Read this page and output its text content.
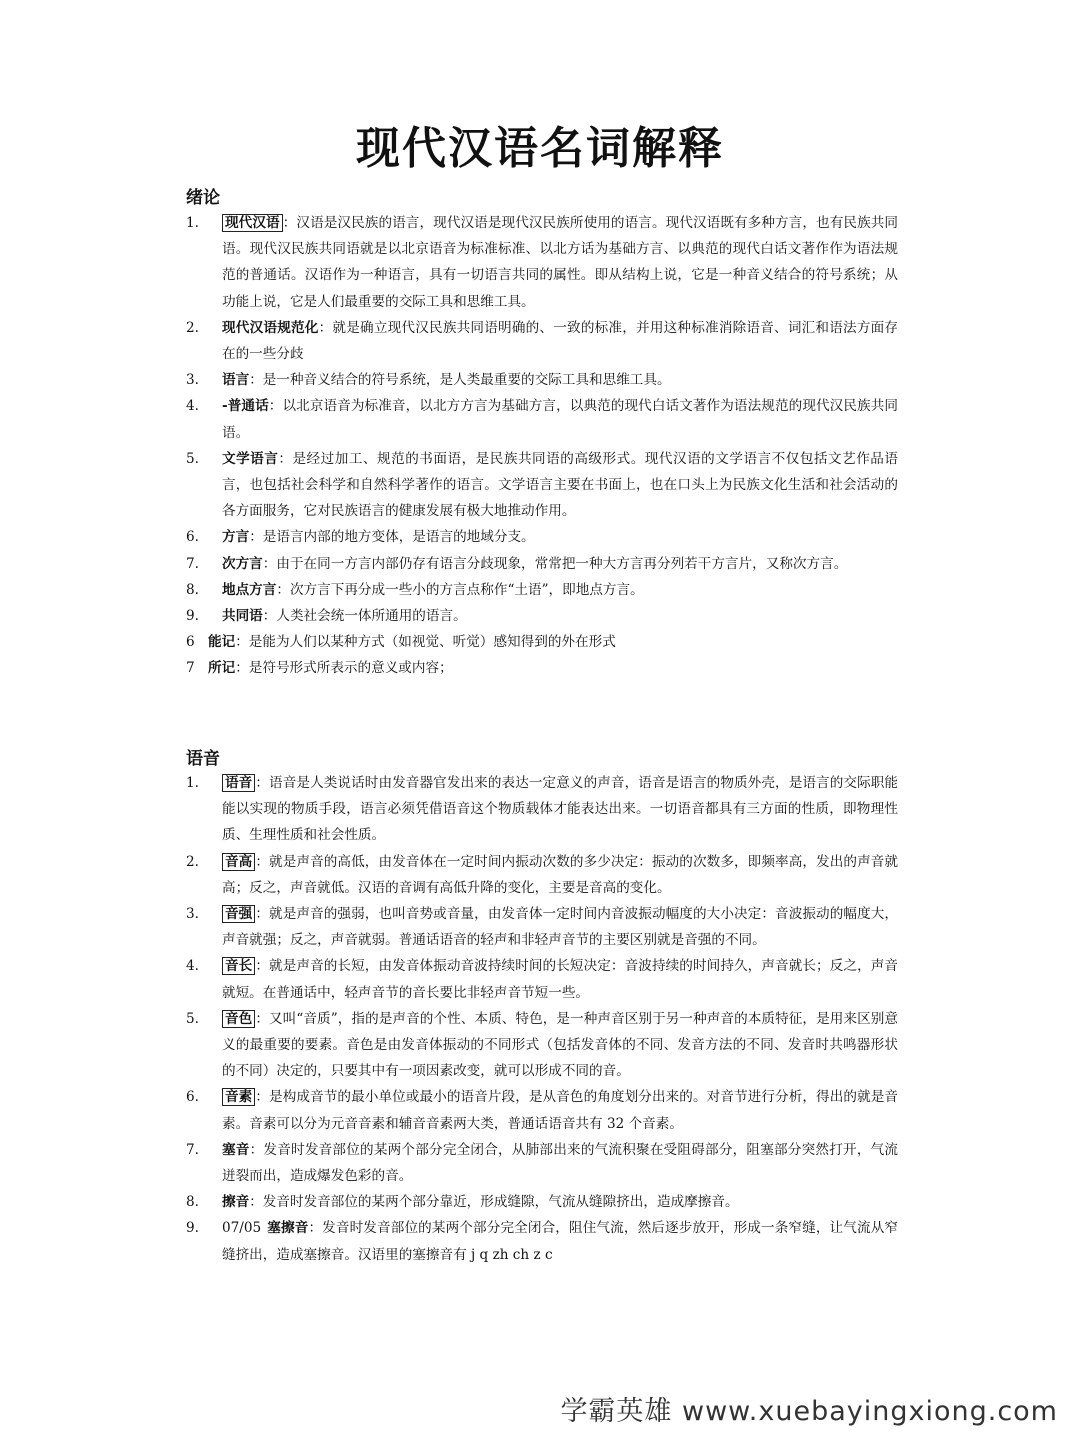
现代汉语名词解释
绪论
1.	现代汉语 ：汉语是汉民族的语言，现代汉语是现代汉民族所使用的语言。现代汉语既有多种方言，也有民族共同语。现代汉民族共同语就是以北京语音为标准标准、以北方话为基础方言、以典范的现代白话文著作作为语法规范的普通话。汉语作为一种语言，具有一切语言共同的属性。即从结构上说，它是一种音义结合的符号系统；从功能上说，它是人们最重要的交际工具和思维工具。
2.	现代汉语规范化：就是确立现代汉民族共同语明确的、一致的标准，并用这种标准消除语音、词汇和语法方面存在的一些分歧
3.	语言：是一种音义结合的符号系统，是人类最重要的交际工具和思维工具。
4.	-普通话：以北京语音为标准音，以北方方言为基础方言，以典范的现代白话文著作为语法规范的现代汉民族共同语。
5.	文学语言：是经过加工、规范的书面语，是民族共同语的高级形式。现代汉语的文学语言不仅包括文艺作品语言，也包括社会科学和自然科学著作的语言。文学语言主要在书面上，也在口头上为民族文化生活和社会活动的各方面服务，它对民族语言的健康发展有极大地推动作用。
6.	方言：是语言内部的地方变体，是语言的地域分支。
7.	次方言：由于在同一方言内部仍存有语言分歧现象，常常把一种大方言再分列若干方言片，又称次方言。
8.	地点方言：次方言下再分成一些小的方言点称作“土语”，即地点方言。
9.	共同语：人类社会统一体所通用的语言。
6 能记：是能为人们以某种方式（如视觉、听觉）感知得到的外在形式
7 所记：是符号形式所表示的意义或内容；
语音
1.	语音 ：语音是人类说话时由发音器官发出来的表达一定意义的声音，语音是语言的物质外壳，是语言的交际职能能以实现的物质手段，语言必须凭借语音这个物质载体才能表达出来。一切语音都具有三方面的性质，即物理性质、生理性质和社会性质。
2.	音高 ：就是声音的高低，由发音体在一定时间内振动次数的多少决定：振动的次数多，即频率高，发出的声音就高；反之，声音就低。汉语的音调有高低升降的变化，主要是音高的变化。
3.	音强 ：就是声音的强弱，也叫音势或音量，由发音体一定时间内音波振动幅度的大小决定：音波振动的幅度大，声音就强；反之，声音就弱。普通话语音的轻声和非轻声音节的主要区别就是音强的不同。
4.	音长 ：就是声音的长短，由发音体振动音波持续时间的长短决定：音波持续的时间持久，声音就长；反之，声音就短。在普通话中，轻声音节的音长要比非轻声音节短一些。
5.	音色 ：又叫“音质”，指的是声音的个性、本质、特色，是一种声音区别于另一种声音的本质特征，是用来区别意义的最重要的要素。音色是由发音体振动的不同形式（包括发音体的不同、发音方法的不同、发音时共鸣器形状的不同）决定的，只要其中有一项因素改变，就可以形成不同的音。
6.	音素 ：是构成音节的最小单位或最小的语音片段，是从音色的角度划分出来的。对音节进行分析，得出的就是音素。音素可以分为元音音素和辅音音素两大类，普通话语音共有 32 个音素。
7.	塞音：发音时发音部位的某两个部分完全闭合，从肺部出来的气流积聚在受阻碍部分，阻塞部分突然打开，气流迸裂而出，造成爆发色彩的音。
8.	擦音：发音时发音部位的某两个部分靠近，形成缝隙，气流从缝隙挤出，造成摩擦音。
9.	07/05 塞擦音：发音时发音部位的某两个部分完全闭合，阻住气流，然后逐步放开，形成一条窄缝，让气流从窄缝挤出，造成塞擦音。汉语里的塞擦音有 j q zh ch z c
学霸英雄 www.xuebayingxiong.com
